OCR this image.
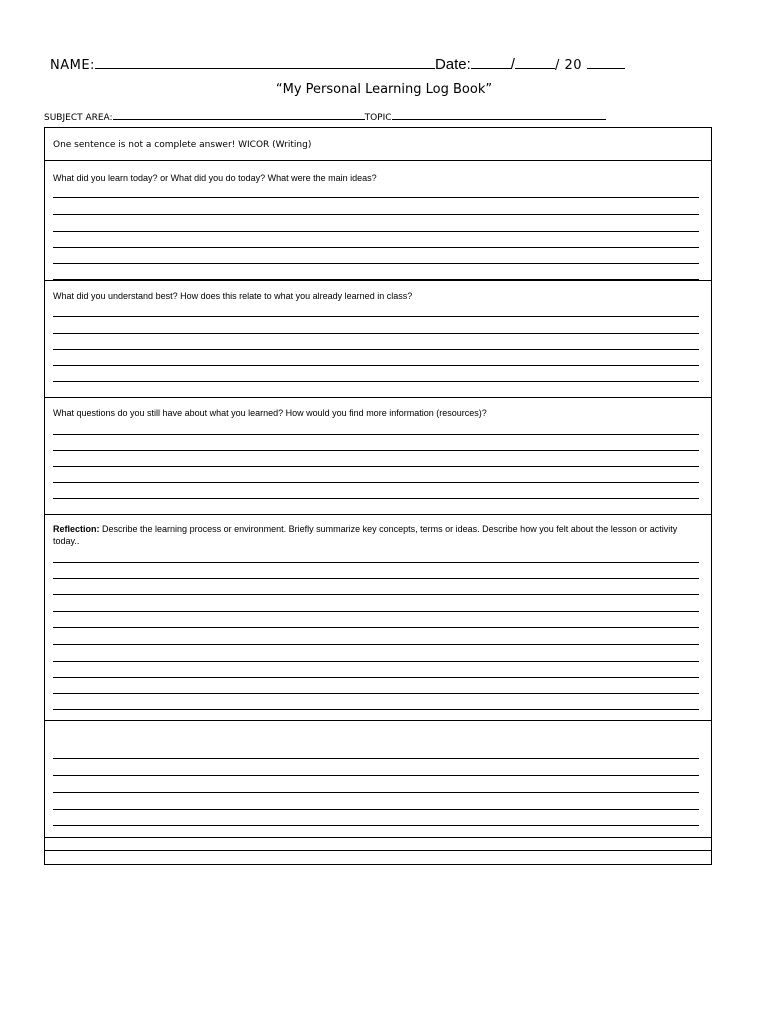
NAME:	Date:	/	/ 20
“My Personal Learning Log Book”
SUBJECT AREA:	TOPIC
One sentence is not a complete answer! WICOR (Writing)
What did you learn today? or What did you do today? What were the main ideas?
What did you understand best? How does this relate to what you already learned in class?
What questions do you still have about what you learned? How would you find more information (resources)?
Reflection: Describe the learning process or environment. Briefly summarize key concepts, terms or ideas. Describe how you felt about the lesson or activity today..
